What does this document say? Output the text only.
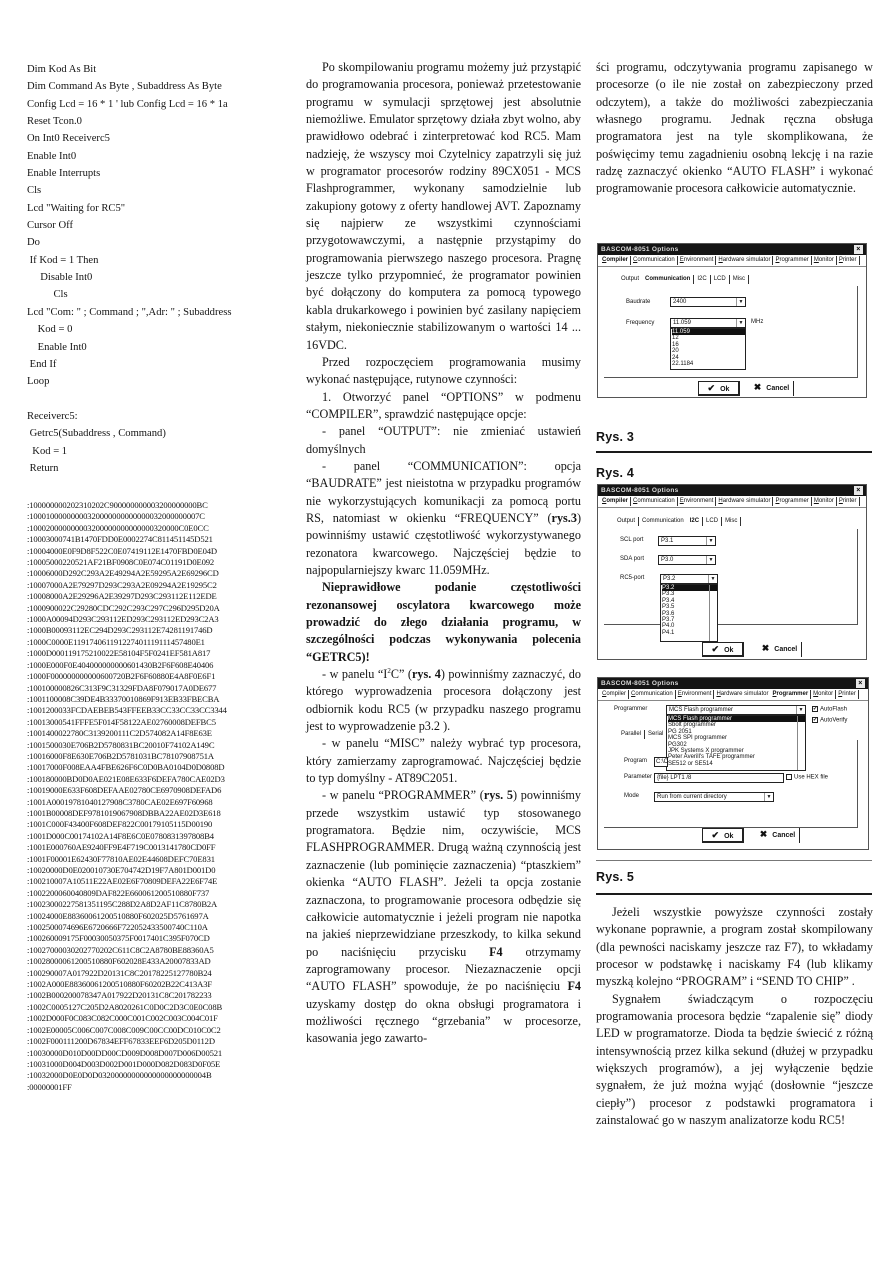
Dim Kod As Bit
Dim Command As Byte , Subaddress As Byte
Config Lcd = 16 * 1 ' lub Config Lcd = 16 * 1a
Reset Tcon.0
On Int0 Receiverc5
Enable Int0
Enable Interrupts
Cls
Lcd "Waiting for RC5"
Cursor Off
Do
If Kod = 1 Then
Disable Int0
Cls
Lcd "Com: " ; Command ; ",Adr: " ; Subaddress
Kod = 0
Enable Int0
End If
Loop
Receiverc5:
Getrc5(Subaddress , Command)
Kod = 1
Return
:100000000202310202C900000000003200000000BC
:10001000000000320000000000000032000000007C
:100020000000003200000000000000320000C0E0CC
:10003000741B1470FDD0E0002274C811451145D521
:10004000E0F9D8F522C0E07419112E1470FBD0E04D
:10005000220521AF21BF0908C0E074C01191D0E092
:10006000D292C293A2E49294A2E59295A2E69296CD
:10007000A2E79297D293C293A2E09294A2E19295C2
:10008000A2E29296A2E39297D293C293112E112EDE
:1000900022C29280CDC292C293C297C296D295D20A
:1000A00094D293C293112ED293C293112ED293C2A3
:1000B00093112EC294D293C293112E74281191746D
:1000C0000E119174061191227401119111457480E1
:1000D000119175210022E58104F5F0241EF581A817
:1000E000F0E404000000000601430B2F6F608E40406
:1000F000000000000600720B2F6F60880E4A8F0E6F1
:100100000826C313F9C31329FDA8F079017A0DE677
:1001100008C39DE4B33370010869F913EB33FBECBA
:1001200033FCDAEBEB543FFEEB33CC33CC33CC3344
:10013000541FFFE5F014F58122AE02760008DEFBC5
:1001400022780C3139200111C2D574082A14F8E63E
:1001500030E706B2D5780831BC20010F74102A149C
:10016000F8E630E706B2D5781031BC78107908751A
:10017000F008EAA4FBE626F6C0D0BA0104D0D0808D
:100180000BD0D0AE021E08E633F6DEFA780CAE02D3
:10019000E633F608DEFAAE02780CE6970908DEFAD6
:1001A00019781040127908C3780CAE02E697F60968
:1001B00008DEF9781019067908DBBA22AE02D3E618
:1001C000F43400F608DEF822C00179105115D00190
:1001D000C00174102A14F8E6C0E0780831397808B4
:1001E000760AE9240FF9E4F719C0013141780CD0FF
:1001F00001E62430F77810AE02E44608DEFC70E831
:10020000D0E020010730E704742D19F7A801D001D0
:100210007A10511E22AE02E6F70809DEFA22E6F74E
:1002200060040809DAF822E660061200510880F737
:10023000227581351195C288D2A8D2AF11C8780B2A
:10024000E88360061200510880F602025D5761697A
:1002500074696E6720666F722052433500740C110A
:100260009175F00030050375F0017401C395F070CD
:10027000030202770202C611C8C2A8780BE88360A5
:10028000061200510880F602028E433A20007833AD
:100290007A017922D20131C8C20178225127780B24
:1002A000E88360061200510880F60202B22C413A3F
:1002B000200078347A017922D20131C8C201782233
:1002C0005127C205D2A8020261C0D0C2D3C0E0C08B
:1002D000F0C083C082C000C001C002C003C004C01F
:1002E00005C006C007C008C009C00CC00DC010C0C2
:1002F000111200D67834EFF67833EEF6D205D0112D
:10030000D010D00DD00CD009D008D007D006D00521
:10031000D004D003D002D001D000D082D083D0F05E
:10032000D0E0D0D03200000000000000000000004B
:00000001FF

Po skompilowaniu programu możemy już przystąpić do programowania procesora, ponieważ przetestowanie programu w symulacji sprzętowej jest absolutnie niemożliwe. Emulator sprzętowy działa zbyt wolno, aby prawidłowo odebrać i zinterpretować kod RC5. Mam nadzieję, że wszyscy moi Czytelnicy zapatrzyli się już w programator procesorów rodziny 89CX051 - MCS Flashprogrammer, wykonany samodzielnie lub zakupiony gotowy z oferty handlowej AVT. Zapoznamy się najpierw ze wszystkimi czynnościami przygotowawczymi, a następnie przystąpimy do programowania pierwszego naszego procesora. Pragnę jeszcze tylko przypomnieć, że programator powinien być dołączony do komputera za pomocą typowego kabla drukarkowego i powinien być zasilany napięciem stałym, niekoniecznie stabilizowanym o wartości 14 ... 16VDC.

Przed rozpoczęciem programowania musimy wykonać następujące, rutynowe czynności:

1. Otworzyć panel “OPTIONS” w podmenu “COMPILER”, sprawdzić następujące opcje:

- panel “OUTPUT”: nie zmieniać ustawień domyślnych

- panel “COMMUNICATION”: opcja “BAUDRATE” jest nieistotna w przypadku programów nie wykorzystujących komunikacji za pomocą portu RS, natomiast w okienku “FREQUENCY” (rys.3) powinniśmy ustawić częstotliwość wykorzystywanego rezonatora kwarcowego. Najczęściej będzie to najpopularniejszy kwarc 11.059MHz.

Nieprawidłowe podanie częstotliwości rezonansowej oscylatora kwarcowego może prowadzić do złego działania programu, w szczególności podczas wykonywania polecenia “GETRC5)!

- w panelu “$I^2C$” (rys. 4) powinniśmy zaznaczyć, do którego wyprowadzenia procesora dołączony jest odbiornik kodu RC5 (w przypadku naszego programu jest to wyprowadzenie p3.2 ).

- w panelu “MISC” należy wybrać typ procesora, który zamierzamy zaprogramować. Najczęściej będzie to typ domyślny - AT89C2051.

- w panelu “PROGRAMMER” (rys. 5) powinniśmy przede wszystkim ustawić typ stosowanego programatora. Będzie nim, oczywiście, MCS FLASHPROGRAMMER. Drugą ważną czynnością jest zaznaczenie (lub pominięcie zaznaczenia) “ptaszkiem” okienka “AUTO FLASH”. Jeżeli ta opcja zostanie zaznaczona, to programowanie procesora odbędzie się całkowicie automatycznie i jeżeli program nie napotka na jakieś nieprzewidziane przeszkody, to kilka sekund po naciśnięciu przycisku F4 otrzymamy zaprogramowany procesor. Niezaznaczenie opcji “AUTO FLASH” spowoduje, że po naciśnięciu F4 uzyskamy dostęp do okna obsługi programatora i możliwości ręcznego “grzebania” w procesorze, kasowania jego zawarto-

ści programu, odczytywania programu zapisanego w procesorze (o ile nie został on zabezpieczony przed odczytem), a także do możliwości zabezpieczania własnego programu. Jednak ręczna obsługa programatora jest na tyle skomplikowana, że poświęcimy temu zagadnieniu osobną lekcję i na razie radzę zaznaczyć okienko “AUTO FLASH” i wykonać programowanie procesora całkowicie automatycznie.

BASCOM-8051 Options	×
Compiler Communication Environment Hardware simulator Programmer Monitor Printer
Output	Communication	I2C	LCD	Misc
Baudrate	2400	▼
Frequency	11.059	▼ MHz
11.059
12
16
20
24
22.1184
✔ Ok	✖ Cancel
Rys. 3
Rys. 4
BASCOM-8051 Options	×
Compiler Communication Environment Hardware simulator Programmer Monitor Printer
Output	Communication	I2C	LCD	Misc
SCL port	P3.1	▼
SDA port	P3.0	▼
RC5-port	P3.2	▼
P3.2
P3.3
P3.4
P3.5
P3.6
P3.7
P4.0
P4.1
✔ Ok	✖ Cancel
BASCOM-8051 Options	×
Compiler Communication Environment Hardware simulator Programmer Monitor Printer
Programmer	MCS Flash programmer	▼
MCS Flash programmer
Sbolt programmer
PG 2051
MCS SPI programmer
PG302
JPK Systems X programmer
Peter Averill's TAFE programmer
SE512 or SE514
✔ AutoFlash
✔ AutoVerify
Parallel	Serial
Program	C:\C
Parameter {file} LPT1 /8	Use HEX file
Mode	Run from current directory	▼
✔ Ok	✖ Cancel
Rys. 5

Jeżeli wszystkie powyższe czynności zostały wykonane poprawnie, a program został skompilowany (dla pewności naciskamy jeszcze raz F7), to wkładamy procesor w podstawkę i naciskamy F4 (lub klikamy myszką kolejno “PROGRAM” i “SEND TO CHIP” .

Sygnałem świadczącym o rozpoczęciu programowania procesora będzie “zapalenie się” diody LED w programatorze. Dioda ta będzie świecić z różną intensywnością przez kilka sekund (dłużej w przypadku większych programów), a jej wyłączenie będzie sygnałem, że już można wyjąć (dosłownie “jeszcze ciepły”) procesor z podstawki programatora i zainstalować go w naszym analizatorze kodu RC5!
